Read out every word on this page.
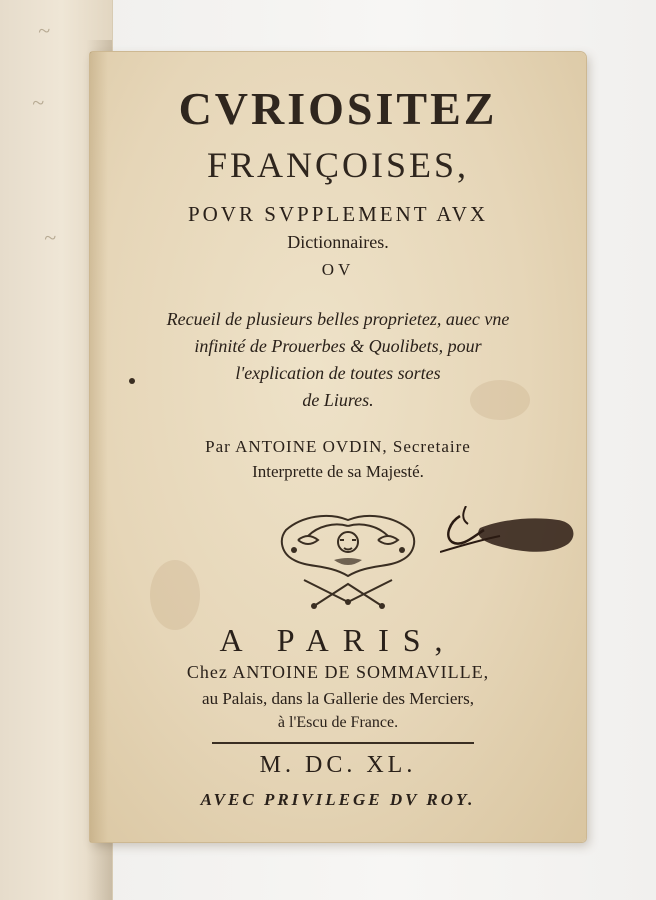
~
~
~
CVRIOSITEZ
FRANÇOISES,
POVR SVPPLEMENT AVX
Dictionnaires.
OV
Recueil de plusieurs belles proprietez, auec vne
infinité de Prouerbes & Quolibets, pour
l'explication de toutes sortes
de Liures.
Par ANTOINE OVDIN, Secretaire
Interprette de sa Majesté.
A PARIS,
Chez ANTOINE DE SOMMAVILLE,
au Palais, dans la Gallerie des Merciers,
à l'Escu de France.
M. DC. XL.
AVEC PRIVILEGE DV ROY.
